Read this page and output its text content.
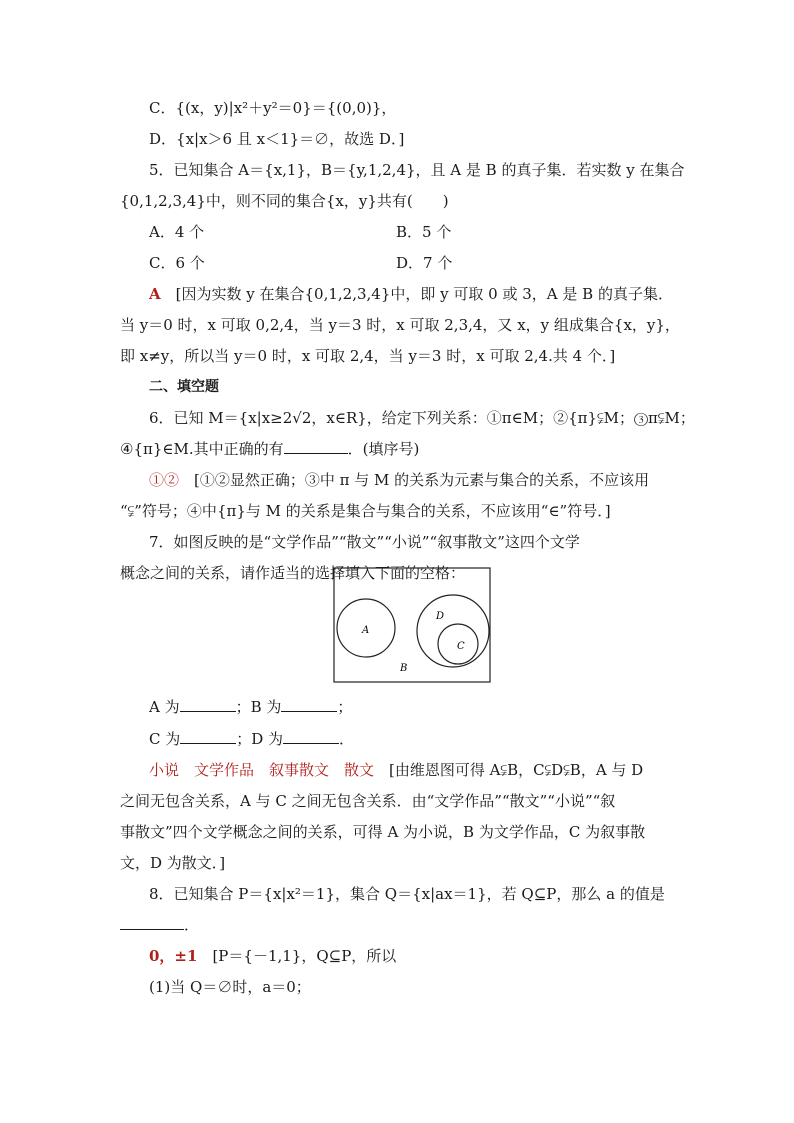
C．{(x，y)|x²＋y²＝0}＝{(0,0)}，
D．{x|x＞6 且 x＜1}＝∅，故选 D．]
5．已知集合 A＝{x,1}，B＝{y,1,2,4}，且 A 是 B 的真子集．若实数 y 在集合
{0,1,2,3,4}中，则不同的集合{x，y}共有(　　)
A．4 个	B．5 个
C．6 个	D．7 个
A　[因为实数 y 在集合{0,1,2,3,4}中，即 y 可取 0 或 3，A 是 B 的真子集．
当 y＝0 时，x 可取 0,2,4，当 y＝3 时，x 可取 2,3,4，又 x，y 组成集合{x，y}，
即 x≠y，所以当 y＝0 时，x 可取 2,4，当 y＝3 时，x 可取 2,4.共 4 个．]
二、填空题
6．已知 M＝{x|x≥2√2，x∈R}，给定下列关系：①π∈M；②{π}⫋M；③π⫋M；
④{π}∈M.其中正确的有	．(填序号)
①②　[①②显然正确；③中 π 与 M 的关系为元素与集合的关系，不应该用
“⫋”符号；④中{π}与 M 的关系是集合与集合的关系，不应该用“∈”符号．]
7．如图反映的是“文学作品”“散文”“小说”“叙事散文”这四个文学
概念之间的关系，请作适当的选择填入下面的空格：
A
B
C
D
A 为	；B 为	；
C 为	；D 为	．
小说　文学作品　叙事散文　散文　[由维恩图可得 A⫋B，C⫋D⫋B，A 与 D
之间无包含关系，A 与 C 之间无包含关系．由“文学作品”“散文”“小说”“叙
事散文”四个文学概念之间的关系，可得 A 为小说，B 为文学作品，C 为叙事散
文，D 为散文．]
8．已知集合 P＝{x|x²＝1}，集合 Q＝{x|ax＝1}，若 Q⊆P，那么 a 的值是
．
0，±1　[P＝{－1,1}，Q⊆P，所以
(1)当 Q＝∅时，a＝0；
